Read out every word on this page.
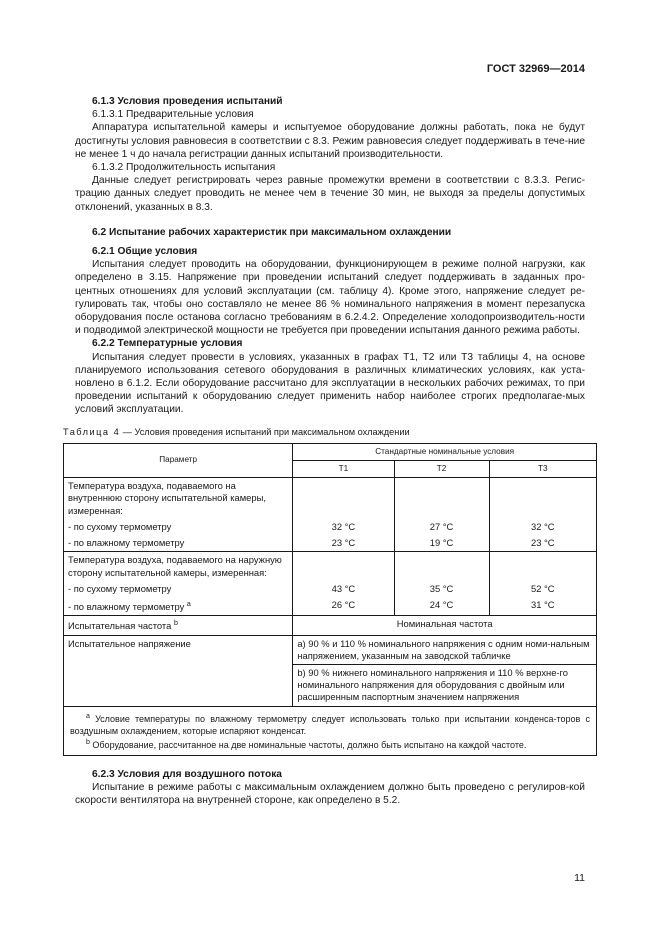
ГОСТ 32969—2014

6.1.3 Условия проведения испытаний

6.1.3.1 Предварительные условия

Аппаратура испытательной камеры и испытуемое оборудование должны работать, пока не будут достигнуты условия равновесия в соответствии с 8.3. Режим равновесия следует поддерживать в тече-ние не менее 1 ч до начала регистрации данных испытаний производительности.

6.1.3.2 Продолжительность испытания

Данные следует регистрировать через равные промежутки времени в соответствии с 8.3.3. Регис-трацию данных следует проводить не менее чем в течение 30 мин, не выходя за пределы допустимых отклонений, указанных в 8.3.

6.2 Испытание рабочих характеристик при максимальном охлаждении

6.2.1 Общие условия

Испытания следует проводить на оборудовании, функционирующем в режиме полной нагрузки, как определено в 3.15. Напряжение при проведении испытаний следует поддерживать в заданных про-центных отношениях для условий эксплуатации (см. таблицу 4). Кроме этого, напряжение следует ре-гулировать так, чтобы оно составляло не менее 86 % номинального напряжения в момент перезапуска оборудования после останова согласно требованиям в 6.2.4.2. Определение холодопроизводитель-ности и подводимой электрической мощности не требуется при проведении испытания данного режима работы.

6.2.2 Температурные условия

Испытания следует провести в условиях, указанных в графах Т1, Т2 или Т3 таблицы 4, на основе планируемого использования сетевого оборудования в различных климатических условиях, как уста-новлено в 6.1.2. Если оборудование рассчитано для эксплуатации в нескольких рабочих режимах, то при проведении испытаний к оборудованию следует применить набор наиболее строгих предполагае-мых условий эксплуатации.

Таблица 4 — Условия проведения испытаний при максимальном охлаждении

Параметр	Стандартные номинальные условия		
	Т1	Т2	Т3
Температура воздуха, подаваемого на внутреннюю сторону испытательной камеры, измеренная:			
- по сухому термометру	32 °С	27 °С	32 °С
- по влажному термометру	23 °С	19 °С	23 °С
Температура воздуха, подаваемого на наружную сторону испытательной камеры, измеренная:			
- по сухому термометру	43 °С	35 °С	52 °С
- по влажному термометру $^a$	26 °С	24 °С	31 °С
Испытательная частота $^b$	Номинальная частота		
Испытательное напряжение	a) 90 % и 110 % номинального напряжения с одним номи-нальным напряжением, указанным на заводской табличке		
	b) 90 % нижнего номинального напряжения и 110 % верхне-го номинального напряжения для оборудования с двойным или расширенным паспортным значением напряжения		

$^a$ Условие температуры по влажному термометру следует использовать только при испытании конденса-торов с воздушным охлаждением, которые испаряют конденсат.

$^b$ Оборудование, рассчитанное на две номинальные частоты, должно быть испытано на каждой частоте.			

6.2.3 Условия для воздушного потока

Испытание в режиме работы с максимальным охлаждением должно быть проведено с регулиров-кой скорости вентилятора на внутренней стороне, как определено в 5.2.

11
